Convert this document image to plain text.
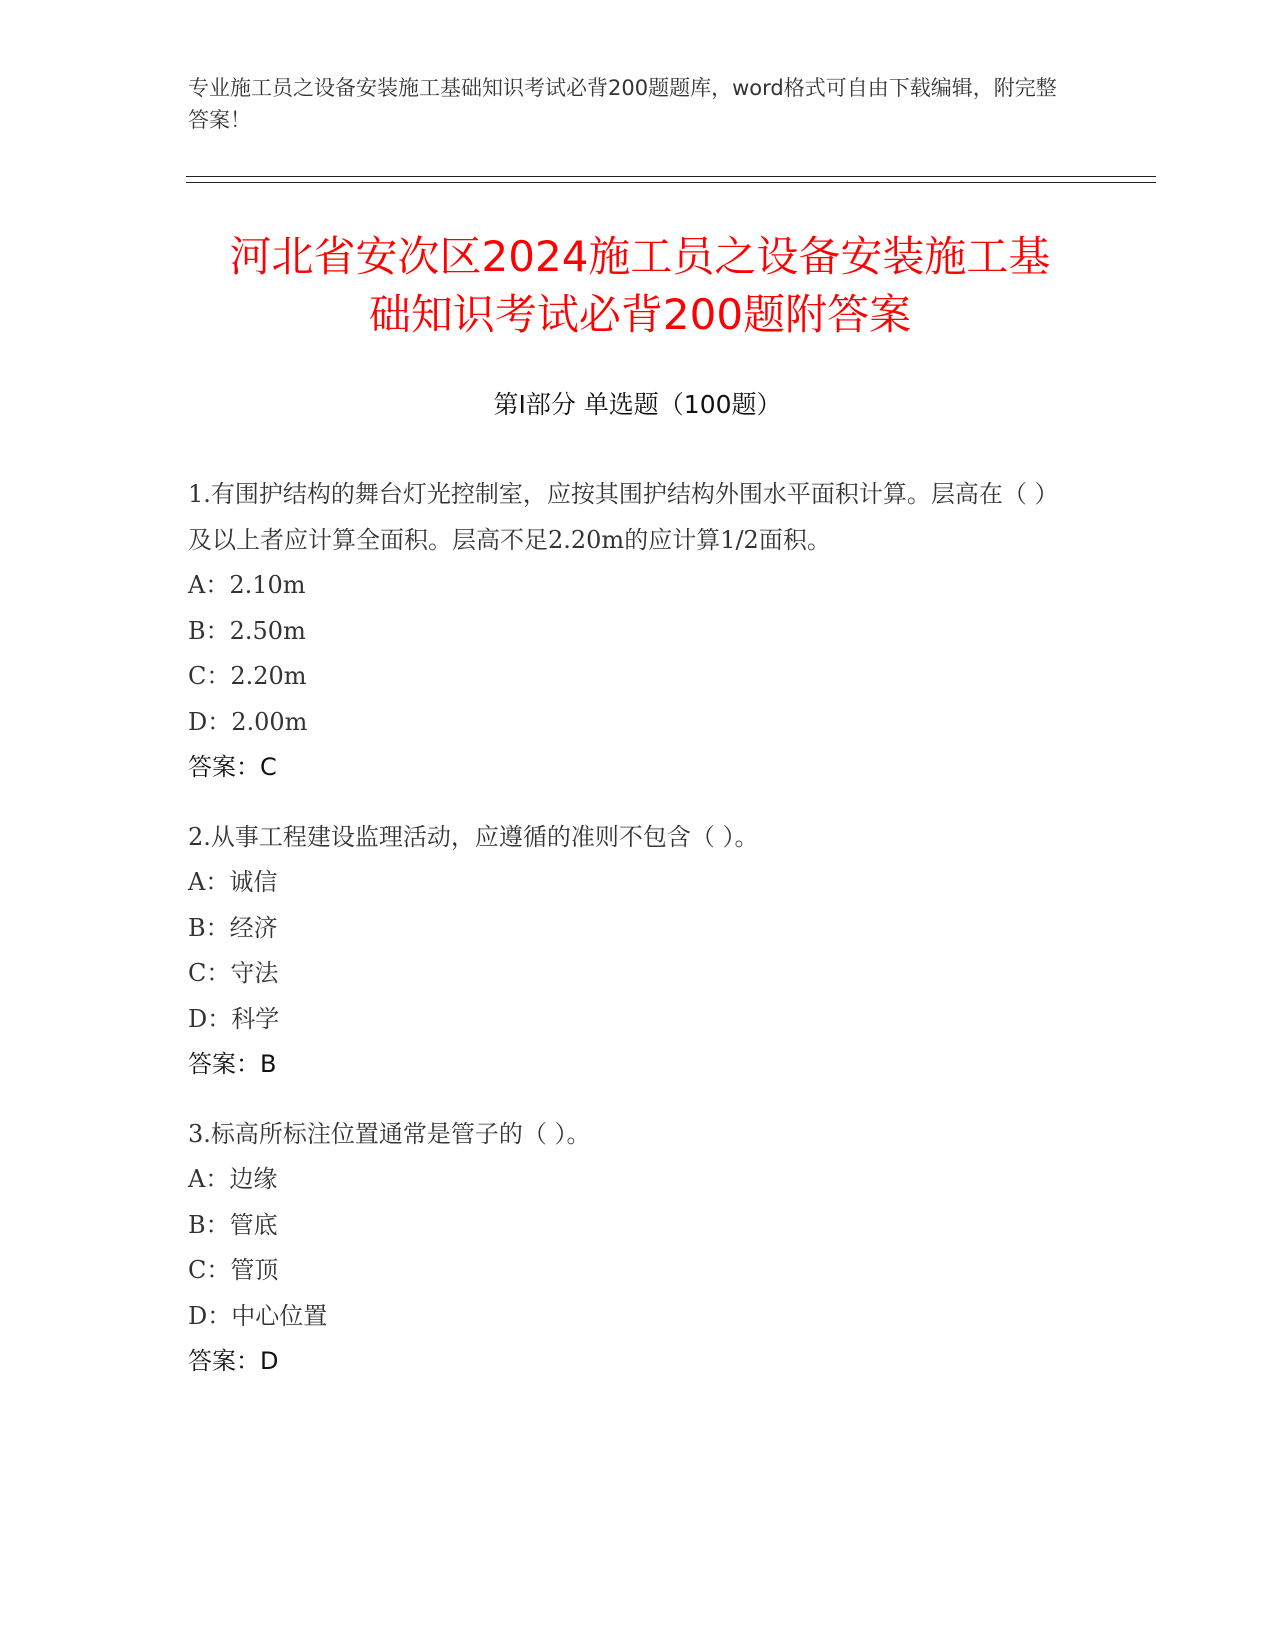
专业施工员之设备安装施工基础知识考试必背200题题库，word格式可自由下载编辑，附完整答案！
河北省安次区2024施工员之设备安装施工基
础知识考试必背200题附答案
第Ⅰ部分 单选题（100题）
1.有围护结构的舞台灯光控制室，应按其围护结构外围水平面积计算。层高在（ ）及以上者应计算全面积。层高不足2.20m的应计算1/2面积。
A：2.10m
B：2.50m
C：2.20m
D：2.00m
答案：C
2.从事工程建设监理活动，应遵循的准则不包含（ ）。
A：诚信
B：经济
C：守法
D：科学
答案：B
3.标高所标注位置通常是管子的（ ）。
A：边缘
B：管底
C：管顶
D：中心位置
答案：D
